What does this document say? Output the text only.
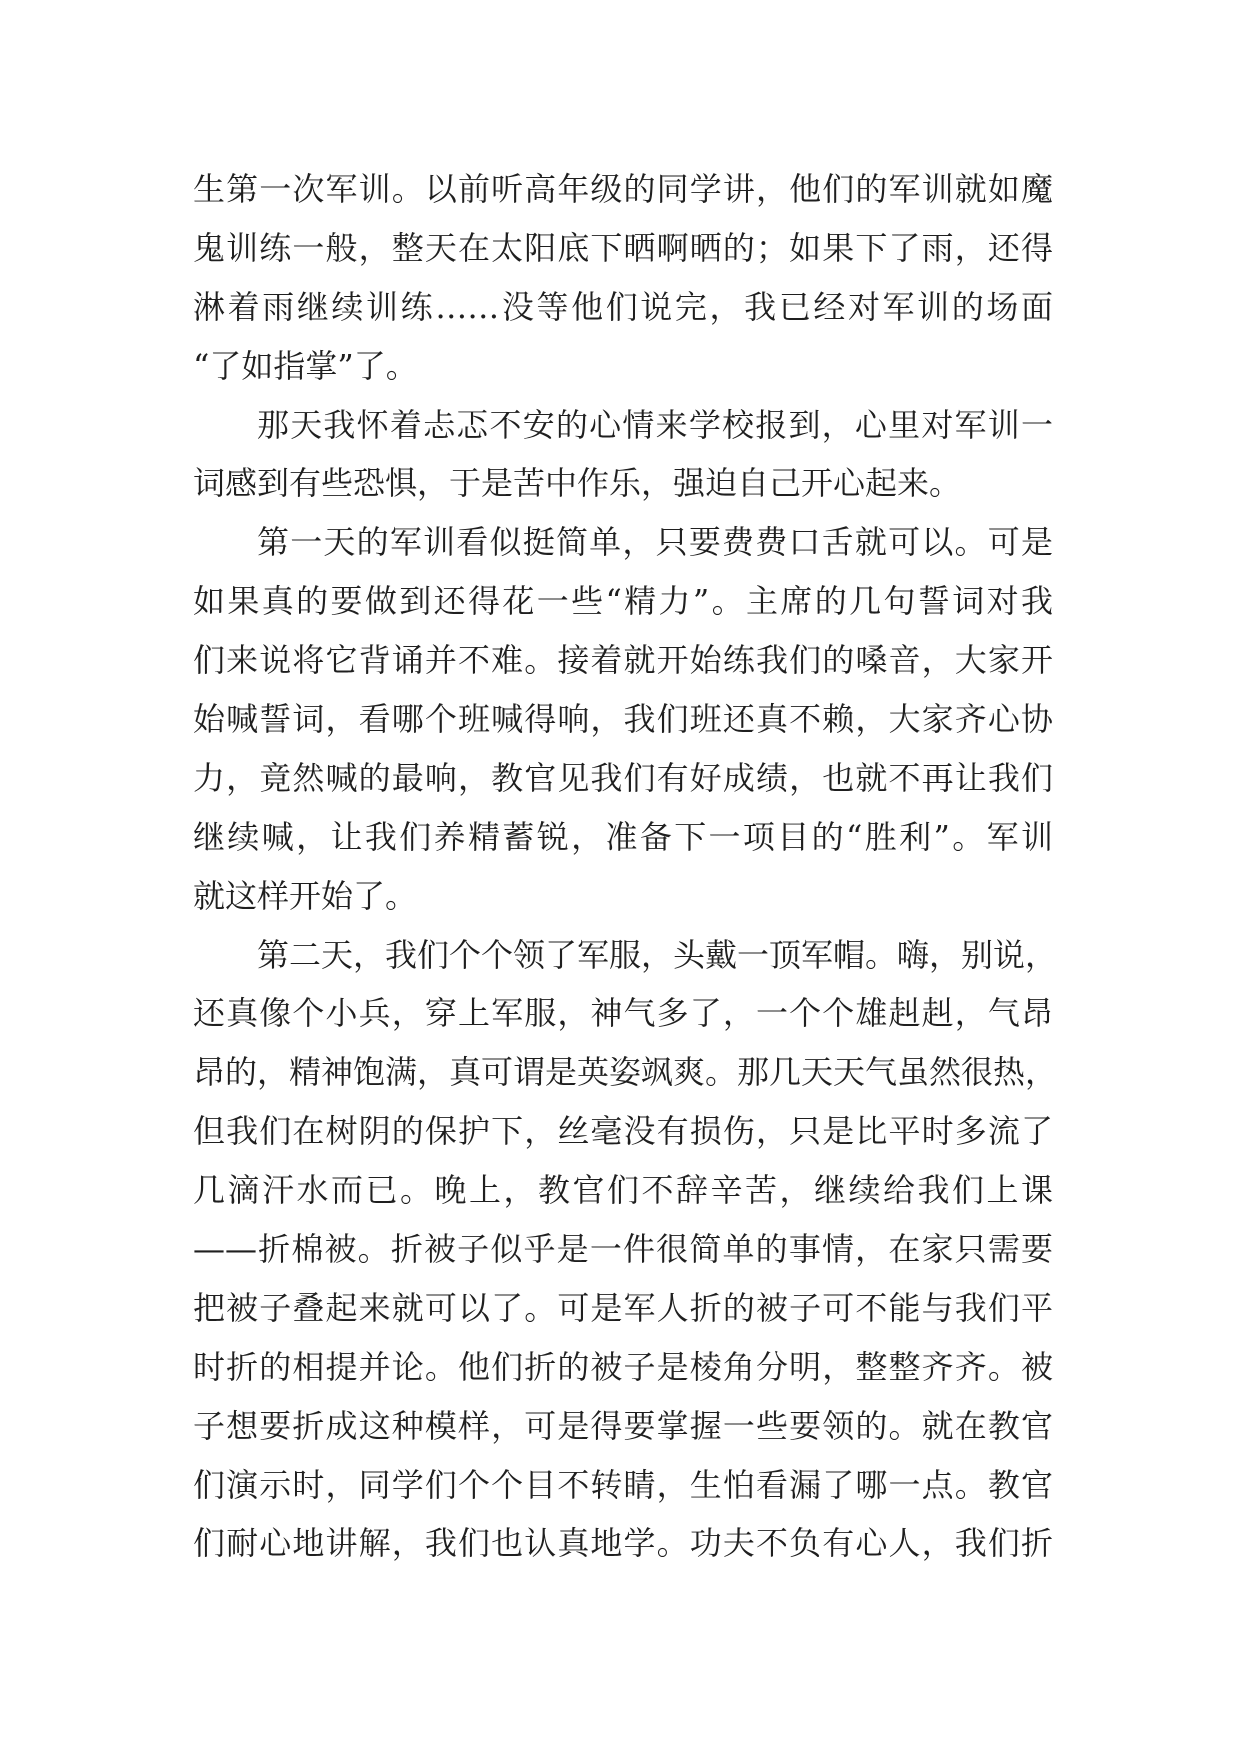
生第一次军训。以前听高年级的同学讲，他们的军训就如魔
鬼训练一般，整天在太阳底下晒啊晒的；如果下了雨，还得
淋着雨继续训练……没等他们说完，我已经对军训的场面
“了如指掌”了。
那天我怀着忐忑不安的心情来学校报到，心里对军训一
词感到有些恐惧，于是苦中作乐，强迫自己开心起来。
第一天的军训看似挺简单，只要费费口舌就可以。可是
如果真的要做到还得花一些“精力”。主席的几句誓词对我
们来说将它背诵并不难。接着就开始练我们的嗓音，大家开
始喊誓词，看哪个班喊得响，我们班还真不赖，大家齐心协
力，竟然喊的最响，教官见我们有好成绩，也就不再让我们
继续喊，让我们养精蓄锐，准备下一项目的“胜利”。军训
就这样开始了。
第二天，我们个个领了军服，头戴一顶军帽。嗨，别说，
还真像个小兵，穿上军服，神气多了，一个个雄赳赳，气昂
昂的，精神饱满，真可谓是英姿飒爽。那几天天气虽然很热，
但我们在树阴的保护下，丝毫没有损伤，只是比平时多流了
几滴汗水而已。晚上，教官们不辞辛苦，继续给我们上课
——折棉被。折被子似乎是一件很简单的事情，在家只需要
把被子叠起来就可以了。可是军人折的被子可不能与我们平
时折的相提并论。他们折的被子是棱角分明，整整齐齐。被
子想要折成这种模样，可是得要掌握一些要领的。就在教官
们演示时，同学们个个目不转睛，生怕看漏了哪一点。教官
们耐心地讲解，我们也认真地学。功夫不负有心人，我们折
